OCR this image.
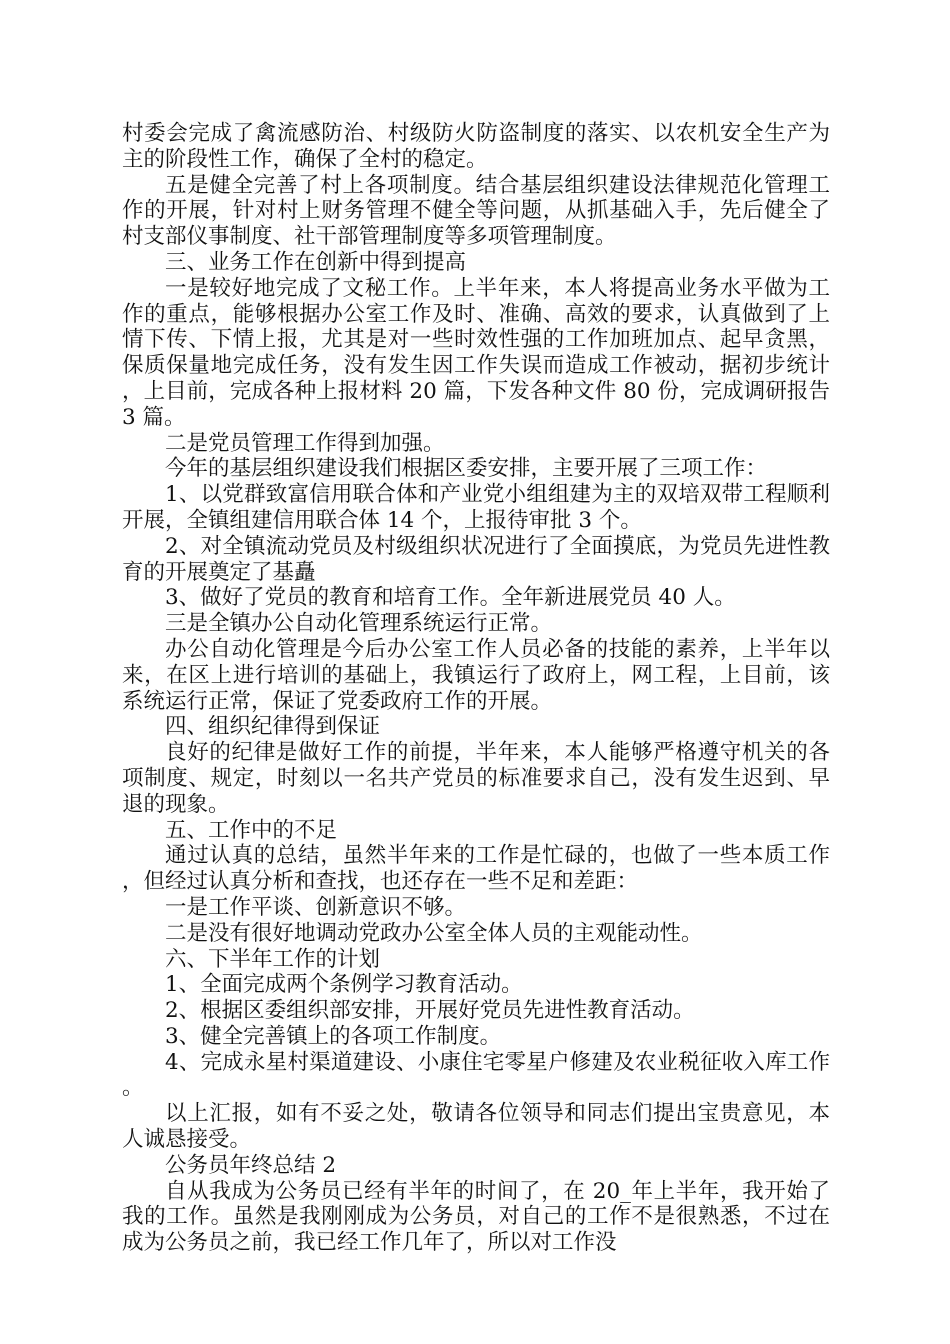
村委会完成了禽流感防治、村级防火防盗制度的落实、以农机安全生产为主的阶段性工作，确保了全村的稳定。

五是健全完善了村上各项制度。结合基层组织建设法律规范化管理工作的开展，针对村上财务管理不健全等问题，从抓基础入手，先后健全了村支部仪事制度、社干部管理制度等多项管理制度。

三、业务工作在创新中得到提高

一是较好地完成了文秘工作。上半年来，本人将提高业务水平做为工作的重点，能够根据办公室工作及时、准确、高效的要求，认真做到了上情下传、下情上报，尤其是对一些时效性强的工作加班加点、起早贪黑，保质保量地完成任务，没有发生因工作失误而造成工作被动，据初步统计，上目前，完成各种上报材料 20 篇，下发各种文件 80 份，完成调研报告 3 篇。

二是党员管理工作得到加强。

今年的基层组织建设我们根据区委安排，主要开展了三项工作：

1、以党群致富信用联合体和产业党小组组建为主的双培双带工程顺利开展，全镇组建信用联合体 14 个，上报待审批 3 个。

2、对全镇流动党员及村级组织状况进行了全面摸底，为党员先进性教育的开展奠定了基矗

3、做好了党员的教育和培育工作。全年新进展党员 40 人。

三是全镇办公自动化管理系统运行正常。

办公自动化管理是今后办公室工作人员必备的技能的素养，上半年以来，在区上进行培训的基础上，我镇运行了政府上，网工程，上目前，该系统运行正常，保证了党委政府工作的开展。

四、组织纪律得到保证

良好的纪律是做好工作的前提，半年来，本人能够严格遵守机关的各项制度、规定，时刻以一名共产党员的标准要求自己，没有发生迟到、早退的现象。

五、工作中的不足

通过认真的总结，虽然半年来的工作是忙碌的，也做了一些本质工作，但经过认真分析和查找，也还存在一些不足和差距：

一是工作平谈、创新意识不够。

二是没有很好地调动党政办公室全体人员的主观能动性。

六、下半年工作的计划

1、全面完成两个条例学习教育活动。

2、根据区委组织部安排，开展好党员先进性教育活动。

3、健全完善镇上的各项工作制度。

4、完成永星村渠道建设、小康住宅零星户修建及农业税征收入库工作。

以上汇报，如有不妥之处，敬请各位领导和同志们提出宝贵意见，本人诚恳接受。

公务员年终总结 2

自从我成为公务员已经有半年的时间了，在 20_年上半年，我开始了我的工作。虽然是我刚刚成为公务员，对自己的工作不是很熟悉，不过在成为公务员之前，我已经工作几年了，所以对工作没
